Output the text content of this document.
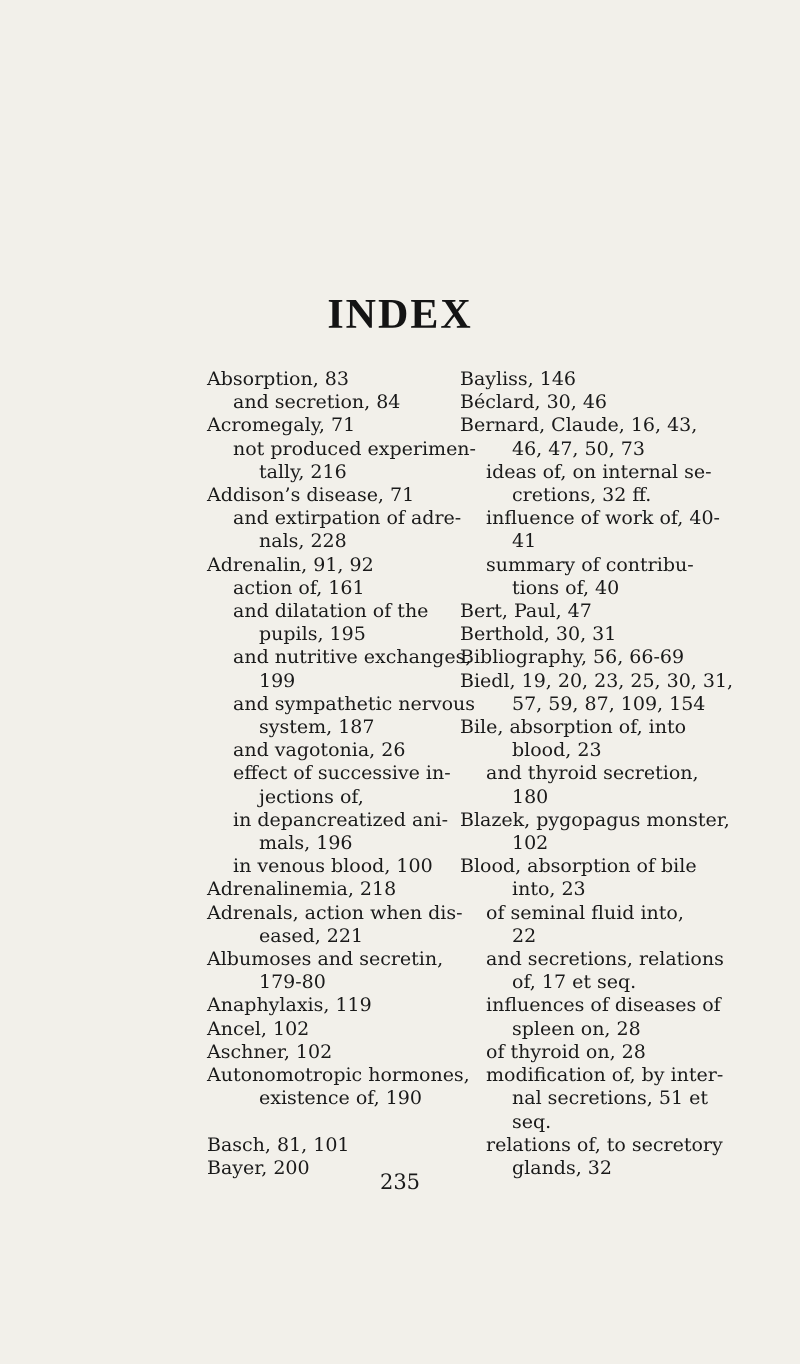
INDEX
Absorption, 83
and secretion, 84
Acromegaly, 71
not produced experimen-
tally, 216
Addison’s disease, 71
and extirpation of adre-
nals, 228
Adrenalin, 91, 92
action of, 161
and dilatation of the
pupils, 195
and nutritive exchanges,
199
and sympathetic nervous
system, 187
and vagotonia, 26
effect of successive in-
jections of,
in depancreatized ani-
mals, 196
in venous blood, 100
Adrenalinemia, 218
Adrenals, action when dis-
eased, 221
Albumoses and secretin,
179-80
Anaphylaxis, 119
Ancel, 102
Aschner, 102
Autonomotropic hormones,
existence of, 190
Basch, 81, 101
Bayer, 200
Bayliss, 146
Béclard, 30, 46
Bernard, Claude, 16, 43,
46, 47, 50, 73
ideas of, on internal se-
cretions, 32 ff.
influence of work of, 40-
41
summary of contribu-
tions of, 40
Bert, Paul, 47
Berthold, 30, 31
Bibliography, 56, 66-69
Biedl, 19, 20, 23, 25, 30, 31,
57, 59, 87, 109, 154
Bile, absorption of, into
blood, 23
and thyroid secretion,
180
Blazek, pygopagus monster,
102
Blood, absorption of bile
into, 23
of seminal fluid into,
22
and secretions, relations
of, 17 et seq.
influences of diseases of
spleen on, 28
of thyroid on, 28
modification of, by inter-
nal secretions, 51 et
seq.
relations of, to secretory
glands, 32
235
